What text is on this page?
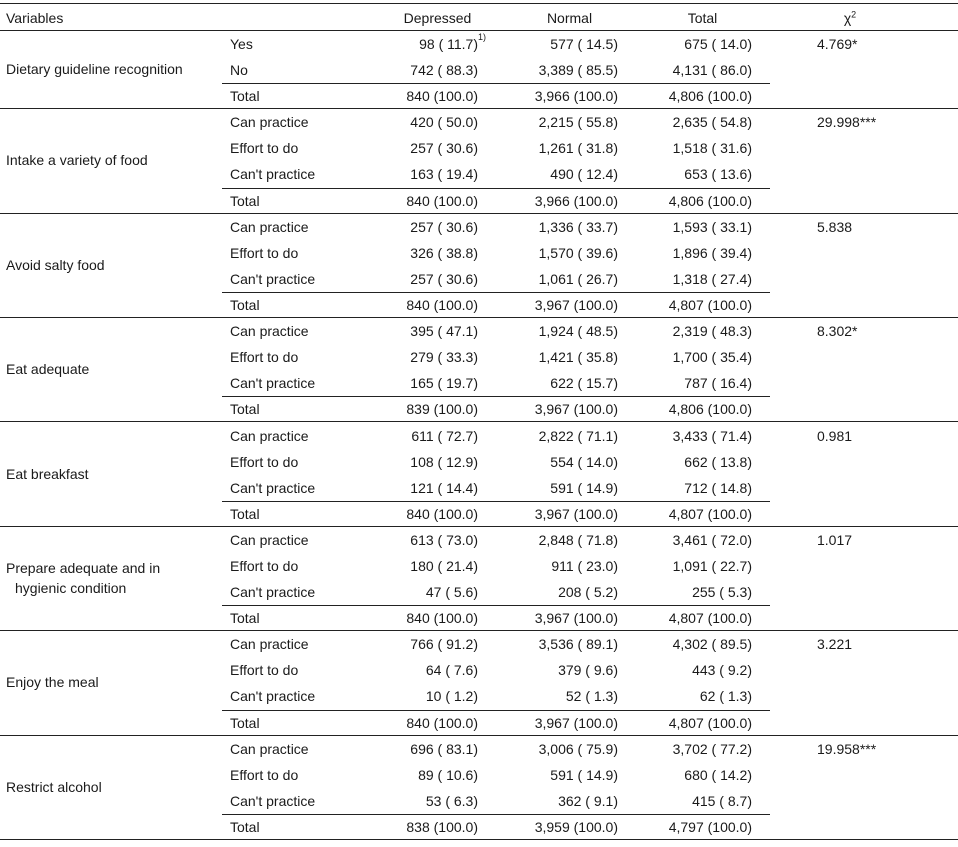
Variables	Depressed	Normal	Total	$\chi^2$
Dietary guideline recognition
Yes	98 ( 11.7) 1)	577 ( 14.5)	675 ( 14.0)	4.769*
No	742 ( 88.3)	3,389 ( 85.5)	4,131 ( 86.0)
Total	840 (100.0)	3,966 (100.0)	4,806 (100.0)
Intake a variety of food
Can practice	420 ( 50.0)	2,215 ( 55.8)	2,635 ( 54.8)	29.998***
Effort to do	257 ( 30.6)	1,261 ( 31.8)	1,518 ( 31.6)
Can't practice	163 ( 19.4)	490 ( 12.4)	653 ( 13.6)
Total	840 (100.0)	3,966 (100.0)	4,806 (100.0)
Avoid salty food
Can practice	257 ( 30.6)	1,336 ( 33.7)	1,593 ( 33.1)	5.838
Effort to do	326 ( 38.8)	1,570 ( 39.6)	1,896 ( 39.4)
Can't practice	257 ( 30.6)	1,061 ( 26.7)	1,318 ( 27.4)
Total	840 (100.0)	3,967 (100.0)	4,807 (100.0)
Eat adequate
Can practice	395 ( 47.1)	1,924 ( 48.5)	2,319 ( 48.3)	8.302*
Effort to do	279 ( 33.3)	1,421 ( 35.8)	1,700 ( 35.4)
Can't practice	165 ( 19.7)	622 ( 15.7)	787 ( 16.4)
Total	839 (100.0)	3,967 (100.0)	4,806 (100.0)
Eat breakfast
Can practice	611 ( 72.7)	2,822 ( 71.1)	3,433 ( 71.4)	0.981
Effort to do	108 ( 12.9)	554 ( 14.0)	662 ( 13.8)
Can't practice	121 ( 14.4)	591 ( 14.9)	712 ( 14.8)
Total	840 (100.0)	3,967 (100.0)	4,807 (100.0)
Prepare adequate and in
hygienic condition
Can practice	613 ( 73.0)	2,848 ( 71.8)	3,461 ( 72.0)	1.017
Effort to do	180 ( 21.4)	911 ( 23.0)	1,091 ( 22.7)
Can't practice	47 ( 5.6)	208 ( 5.2)	255 ( 5.3)
Total	840 (100.0)	3,967 (100.0)	4,807 (100.0)
Enjoy the meal
Can practice	766 ( 91.2)	3,536 ( 89.1)	4,302 ( 89.5)	3.221
Effort to do	64 ( 7.6)	379 ( 9.6)	443 ( 9.2)
Can't practice	10 ( 1.2)	52 ( 1.3)	62 ( 1.3)
Total	840 (100.0)	3,967 (100.0)	4,807 (100.0)
Restrict alcohol
Can practice	696 ( 83.1)	3,006 ( 75.9)	3,702 ( 77.2)	19.958***
Effort to do	89 ( 10.6)	591 ( 14.9)	680 ( 14.2)
Can't practice	53 ( 6.3)	362 ( 9.1)	415 ( 8.7)
Total	838 (100.0)	3,959 (100.0)	4,797 (100.0)
